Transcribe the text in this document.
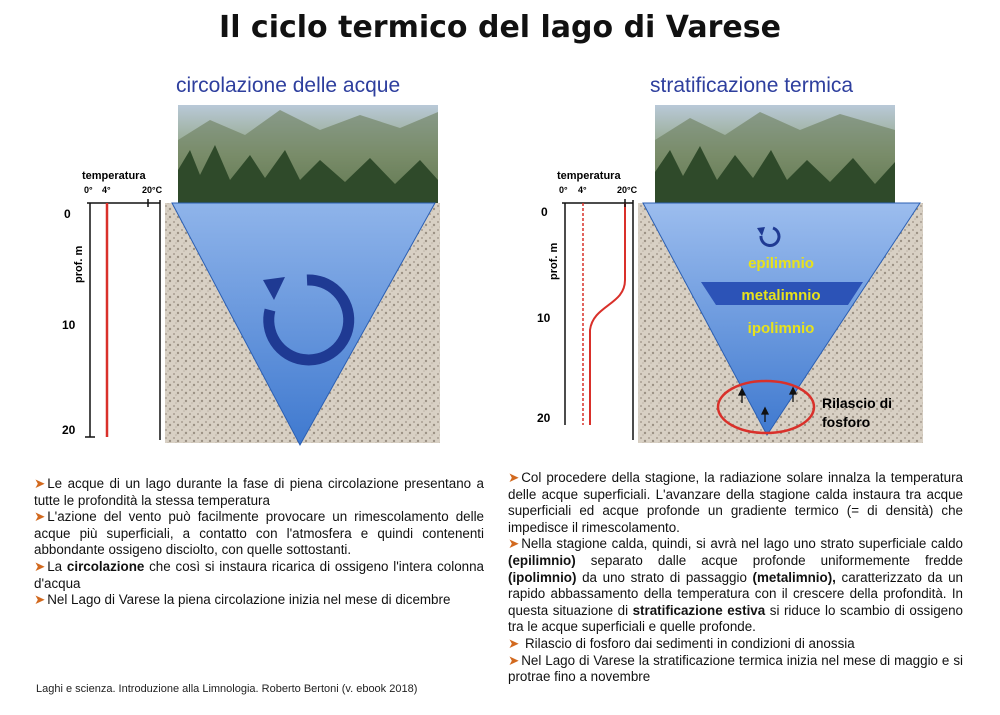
Il ciclo termico del lago di Varese
circolazione delle acque	stratificazione termica
temperatura
0° 4°	20°C
0
10
20
prof. m	epilimnio
metalimnio
ipolimnio
Rilascio di
fosforo
temperatura
0° 4°	20°C
0
10
20
prof. m

➤ Le acque di un lago durante la fase di piena circolazione presentano a tutte le profondità la stessa temperatura

➤ L'azione del vento può facilmente provocare un rimescolamento delle acque più superficiali, a contatto con l'atmosfera e quindi contenenti abbondante ossigeno disciolto, con quelle sottostanti.

➤ La circolazione che così si instaura ricarica di ossigeno l'intera colonna d'acqua

➤ Nel Lago di Varese la piena circolazione inizia nel mese di dicembre

➤ Col procedere della stagione, la radiazione solare innalza la temperatura delle acque superficiali. L'avanzare della stagione calda instaura tra acque superficiali ed acque profonde un gradiente termico (= di densità) che impedisce il rimescolamento.

➤ Nella stagione calda, quindi, si avrà nel lago uno strato superficiale caldo (epilimnio) separato dalle acque profonde uniformemente fredde (ipolimnio) da uno strato di passaggio (metalimnio), caratterizzato da un rapido abbassamento della temperatura con il crescere della profondità. In questa situazione di stratificazione estiva si riduce lo scambio di ossigeno tra le acque superficiali e quelle profonde.

➤ Rilascio di fosforo dai sedimenti in condizioni di anossia

➤ Nel Lago di Varese la stratificazione termica inizia nel mese di maggio e si protrae fino a novembre

Laghi e scienza. Introduzione alla Limnologia. Roberto Bertoni (v. ebook 2018)
